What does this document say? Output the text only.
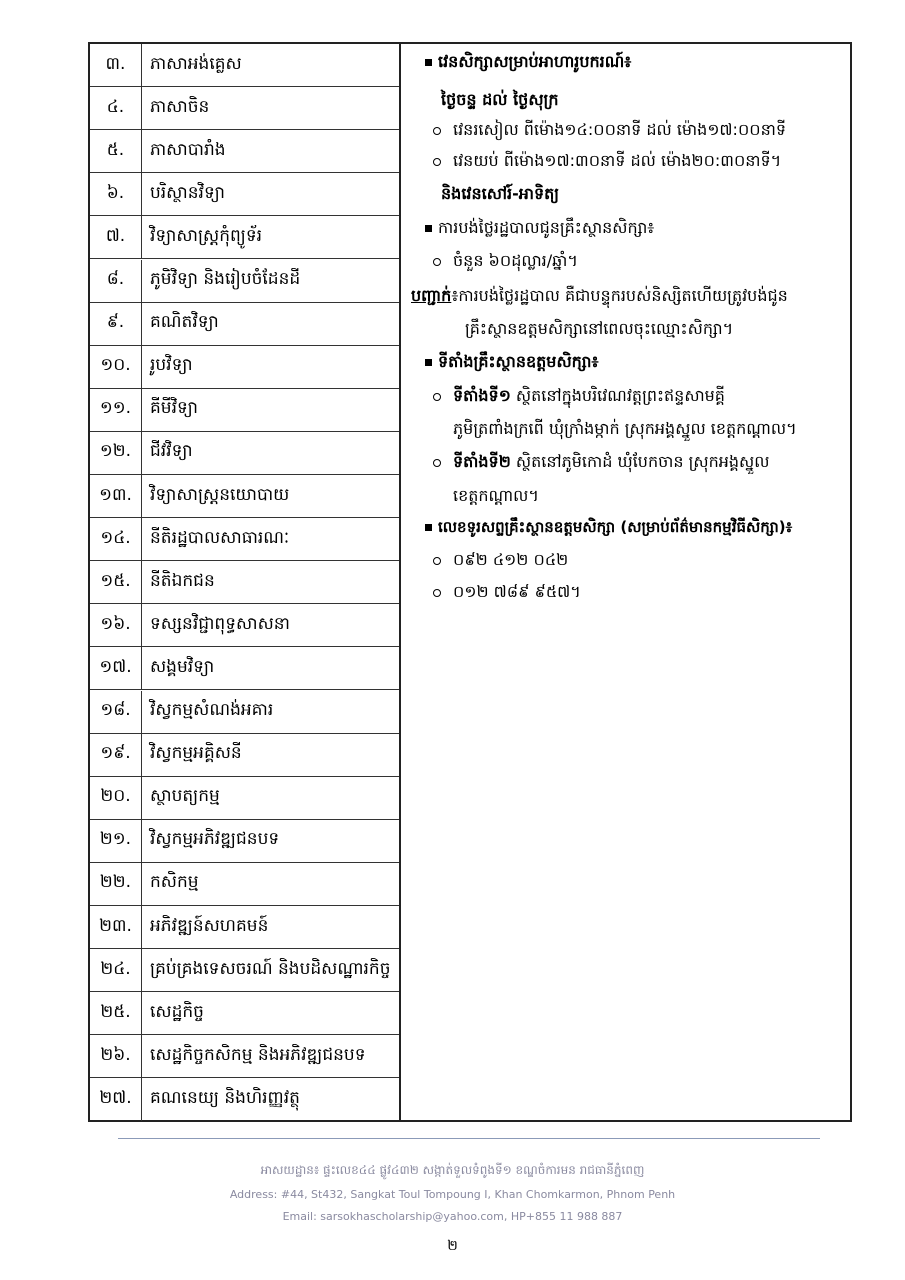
៣.	ភាសាអង់គ្លេស
៤.	ភាសាចិន
៥.	ភាសាបារាំង
៦.	បរិស្ថានវិទ្យា
៧.	វិទ្យាសាស្ត្រកុំព្យូទ័រ
៨.	ភូមិវិទ្យា និងរៀបចំដែនដី
៩.	គណិតវិទ្យា
១០.	រូបវិទ្យា
១១.	គីមីវិទ្យា
១២.	ជីវវិទ្យា
១៣.	វិទ្យាសាស្ត្រនយោបាយ
១៤.	នីតិរដ្ឋបាលសាធារណៈ
១៥.	នីតិឯកជន
១៦.	ទស្សនវិជ្ជាពុទ្ធសាសនា
១៧.	សង្គមវិទ្យា
១៨.	វិស្វកម្មសំណង់អគារ
១៩.	វិស្វកម្មអគ្គិសនី
២០.	ស្ថាបត្យកម្ម
២១.	វិស្វកម្មអភិវឌ្ឍជនបទ
២២.	កសិកម្ម
២៣.	អភិវឌ្ឍន៍សហគមន៍
២៤.	គ្រប់គ្រងទេសចរណ៍ និងបដិសណ្ឋារកិច្ច
២៥.	សេដ្ឋកិច្ច
២៦.	សេដ្ឋកិច្ចកសិកម្ម និងអភិវឌ្ឍជនបទ
២៧.	គណនេយ្យ និងហិរញ្ញវត្ថុ
វេនសិក្សាសម្រាប់អាហារូបករណ៍៖
ថ្ងៃចន្ទ ដល់ ថ្ងៃសុក្រ
វេនរសៀល ពីម៉ោង១៤:០០នាទី ដល់ ម៉ោង១៧:០០នាទី
វេនយប់ ពីម៉ោង១៧:៣០នាទី ដល់ ម៉ោង២០:៣០នាទី។
និងវេនសៅរ៍-អាទិត្យ
ការបង់ថ្លៃរដ្ឋបាលជូនគ្រឹះស្ថានសិក្សា៖
ចំនួន ៦០ដុល្លារ/ឆ្នាំ។
បញ្ជាក់៖ការបង់ថ្លៃរដ្ឋបាល គឺជាបន្ទុករបស់និស្សិតហើយត្រូវបង់ជូន
គ្រឹះស្ថានឧត្តមសិក្សានៅពេលចុះឈ្មោះសិក្សា។
ទីតាំងគ្រឹះស្ថានឧត្តមសិក្សា៖
ទីតាំងទី១ ស្ថិតនៅក្នុងបរិវេណវត្តព្រះឥន្ទសាមគ្គី
ភូមិត្រពាំងក្រពើ ឃុំក្រាំងម្កាក់ ស្រុកអង្គស្នួល ខេត្តកណ្ដាល។
ទីតាំងទី២ ស្ថិតនៅភូមិកោដំ ឃុំបែកចាន ស្រុកអង្គស្នួល
ខេត្តកណ្ដាល។
លេខទូរសព្ទគ្រឹះស្ថានឧត្តមសិក្សា (សម្រាប់ព័ត៌មានកម្មវិធីសិក្សា)៖
០៩២ ៤១២ ០៤២
០១២ ៧៨៩ ៩៥៧។
អាសយដ្ឋាន៖ ផ្ទះលេខ៤៤ ផ្លូវ៤៣២ សង្កាត់ទួលទំពូងទី១ ខណ្ឌចំការមន រាជធានីភ្នំពេញ
Address: #44, St432, Sangkat Toul Tompoung I, Khan Chomkarmon, Phnom Penh
Email: sarsokhascholarship@yahoo.com, HP+855 11 988 887
២
